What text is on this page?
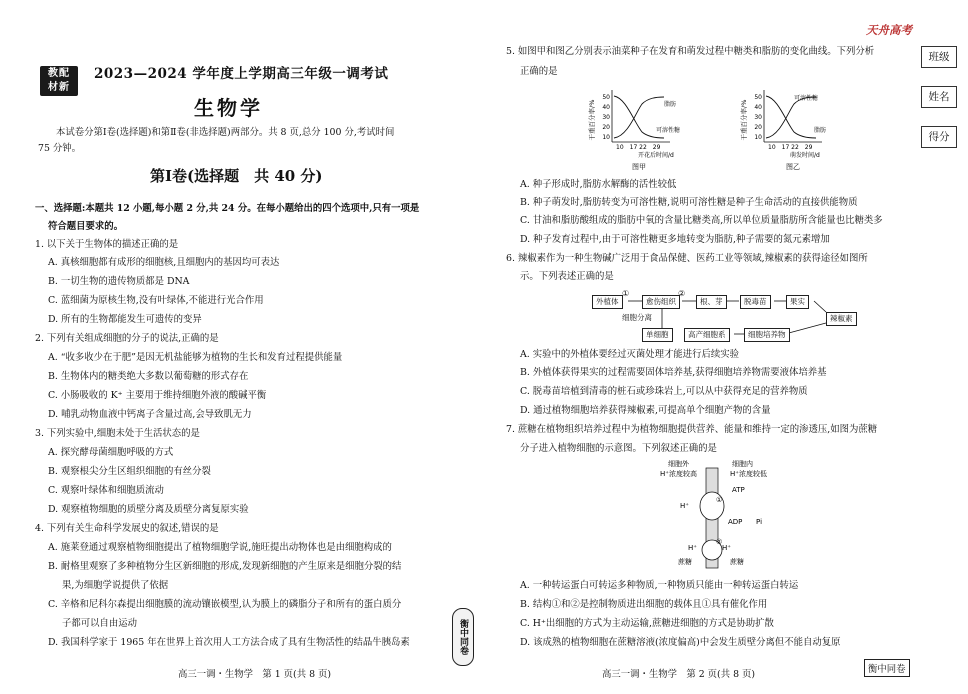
天舟高考
教配
材新
2023—2024 学年度上学期高三年级一调考试
生物学
本试卷分第Ⅰ卷(选择题)和第Ⅱ卷(非选择题)两部分。共 8 页,总分 100 分,考试时间
75 分钟。
第Ⅰ卷(选择题　共 40 分)
一、选择题:本题共 12 小题,每小题 2 分,共 24 分。在每小题给出的四个选项中,只有一项是
符合题目要求的。
1. 以下关于生物体的描述正确的是
A. 真核细胞都有成形的细胞核,且细胞内的基因均可表达
B. 一切生物的遗传物质都是 DNA
C. 蓝细菌为原核生物,没有叶绿体,不能进行光合作用
D. 所有的生物都能发生可遗传的变异
2. 下列有关组成细胞的分子的说法,正确的是
A. “收多收少在于肥”是因无机盐能够为植物的生长和发育过程提供能量
B. 生物体内的糖类绝大多数以葡萄糖的形式存在
C. 小肠吸收的 K⁺ 主要用于维持细胞外液的酸碱平衡
D. 哺乳动物血液中钙离子含量过高,会导致肌无力
3. 下列实验中,细胞未处于生活状态的是
A. 探究酵母菌细胞呼吸的方式
B. 观察根尖分生区组织细胞的有丝分裂
C. 观察叶绿体和细胞质流动
D. 观察植物细胞的质壁分离及质壁分离复原实验
4. 下列有关生命科学发展史的叙述,错误的是
A. 施莱登通过观察植物细胞提出了植物细胞学说,施旺提出动物体也是由细胞构成的
B. 耐格里观察了多种植物分生区新细胞的形成,发现新细胞的产生原来是细胞分裂的结
果,为细胞学说提供了依据
C. 辛格和尼科尔森提出细胞膜的流动镶嵌模型,认为膜上的磷脂分子和所有的蛋白质分
子都可以自由运动
D. 我国科学家于 1965 年在世界上首次用人工方法合成了具有生物活性的结晶牛胰岛素
高三一调・生物学　第 1 页(共 8 页)
衡中同卷
5. 如图甲和图乙分别表示油菜种子在发育和萌发过程中糖类和脂肪的变化曲线。下列分析
正确的是
干重百分率/%
50
40
30
20
10
脂肪
可溶性糖
10　17 22　29
开花后时间/d
图甲
干重百分率/%
50
40
30
20
10
可溶性糖
脂肪
10　17 22　29
萌发时间/d
图乙
A. 种子形成时,脂肪水解酶的活性较低
B. 种子萌发时,脂肪转变为可溶性糖,说明可溶性糖是种子生命活动的直接供能物质
C. 甘油和脂肪酸组成的脂肪中氧的含量比糖类高,所以单位质量脂肪所含能量也比糖类多
D. 种子发育过程中,由于可溶性糖更多地转变为脂肪,种子需要的氮元素增加
6. 辣椒素作为一种生物碱广泛用于食品保健、医药工业等领域,辣椒素的获得途径如图所
示。下列表述正确的是
外植体
①
愈伤组织
②
根、芽	脱毒苗	果实
辣椒素
细胞分离
单细胞	高产细胞系	细胞培养物
A. 实验中的外植体要经过灭菌处理才能进行后续实验
B. 外植体获得果实的过程需要固体培养基,获得细胞培养物需要液体培养基
C. 脱毒苗培植到清毒的桩石或珍珠岩上,可以从中获得充足的营养物质
D. 通过植物细胞培养获得辣椒素,可提高单个细胞产物的含量
7. 蔗糖在植物组织培养过程中为植物细胞提供营养、能量和维持一定的渗透压,如图为蔗糖
分子进入植物细胞的示意图。下列叙述正确的是
细胞外
H⁺浓度较高
细胞内
H⁺浓度较低
①
②
ATP
ADP Pi
H⁺
H⁺	H⁺
蔗糖	蔗糖
A. 一种转运蛋白可转运多种物质,一种物质只能由一种转运蛋白转运
B. 结构①和②是控制物质进出细胞的载体且①具有催化作用
C. H⁺出细胞的方式为主动运输,蔗糖进细胞的方式是协助扩散
D. 该成熟的植物细胞在蔗糖溶液(浓度偏高)中会发生质壁分离但不能自动复原
高三一调・生物学　第 2 页(共 8 页)	衡中同卷
班级
姓名
得分
